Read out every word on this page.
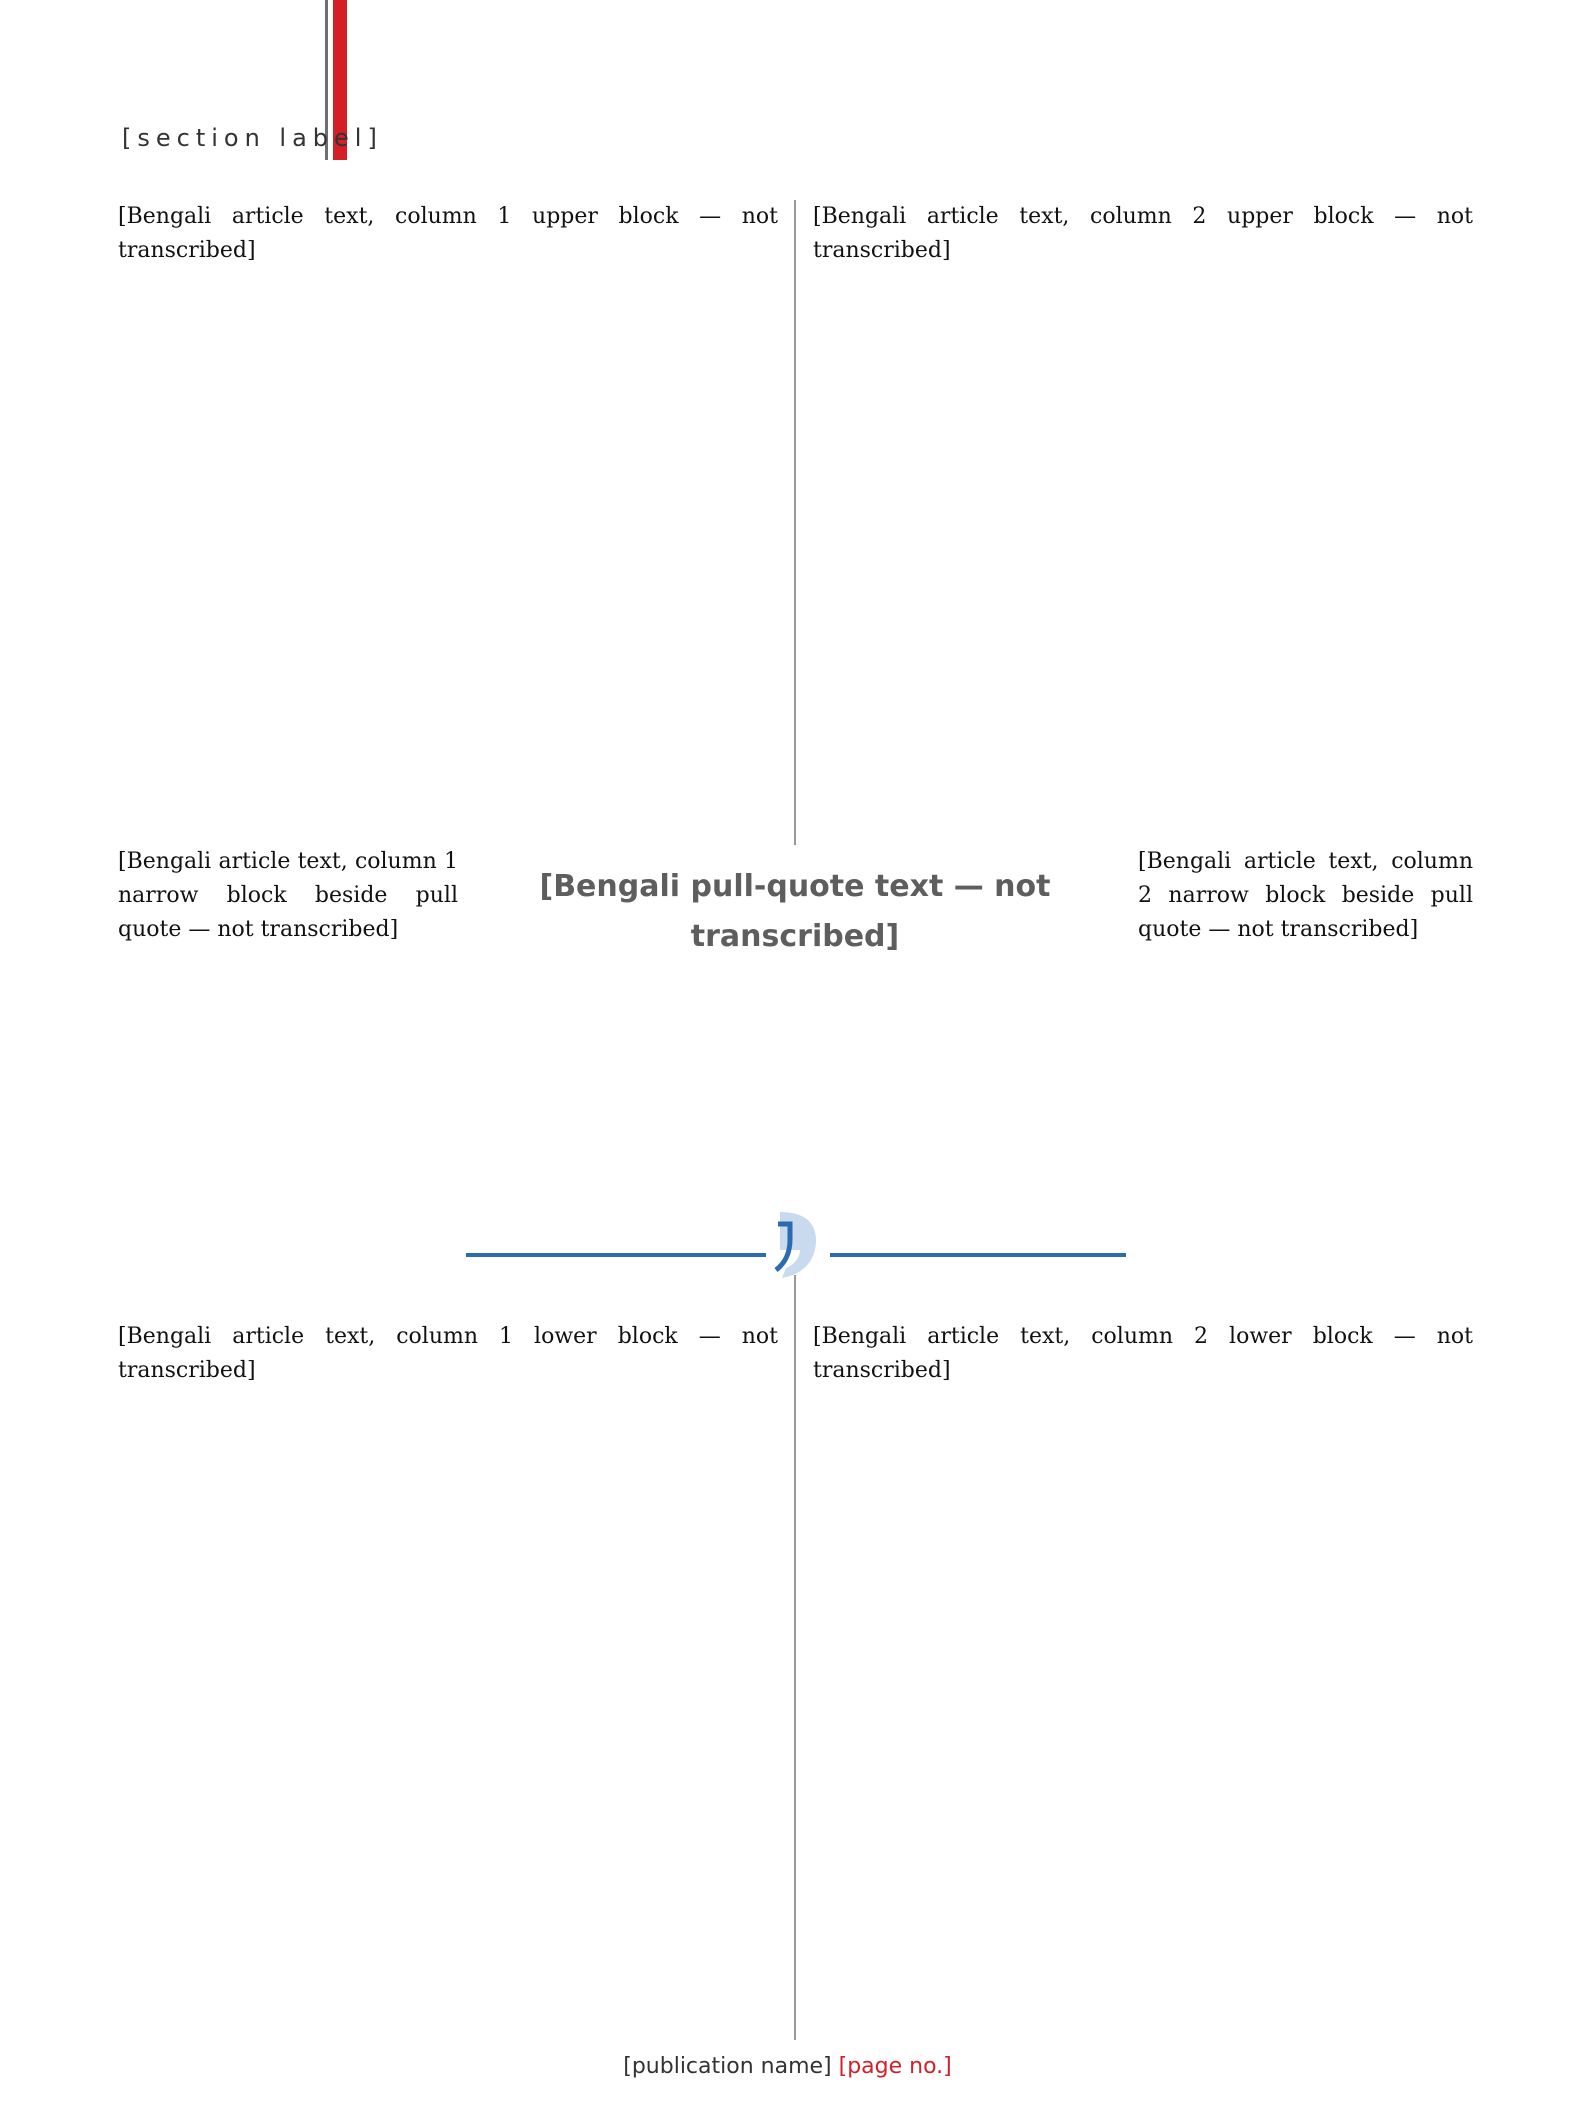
[section label]

[Bengali article text, column 1 upper block — not transcribed]

[Bengali article text, column 1 narrow block beside pull quote — not transcribed]

[Bengali article text, column 1 lower block — not transcribed]

[Bengali article text, column 2 upper block — not transcribed]

[Bengali article text, column 2 narrow block beside pull quote — not transcribed]

[Bengali article text, column 2 lower block — not transcribed]

[Bengali pull-quote text — not transcribed]
[publication name] [page no.]
